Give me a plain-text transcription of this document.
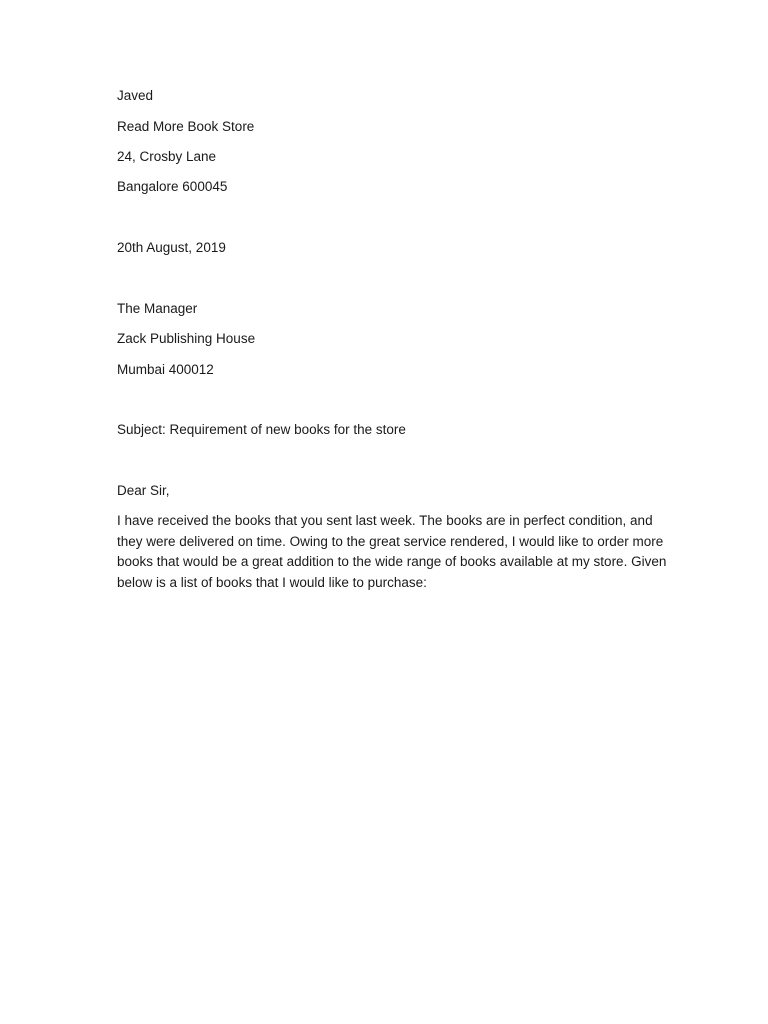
Javed
Read More Book Store
24, Crosby Lane
Bangalore 600045
20th August, 2019
The Manager
Zack Publishing House
Mumbai 400012
Subject: Requirement of new books for the store
Dear Sir,
I have received the books that you sent last week. The books are in perfect condition, and
they were delivered on time. Owing to the great service rendered, I would like to order more
books that would be a great addition to the wide range of books available at my store. Given
below is a list of books that I would like to purchase:
